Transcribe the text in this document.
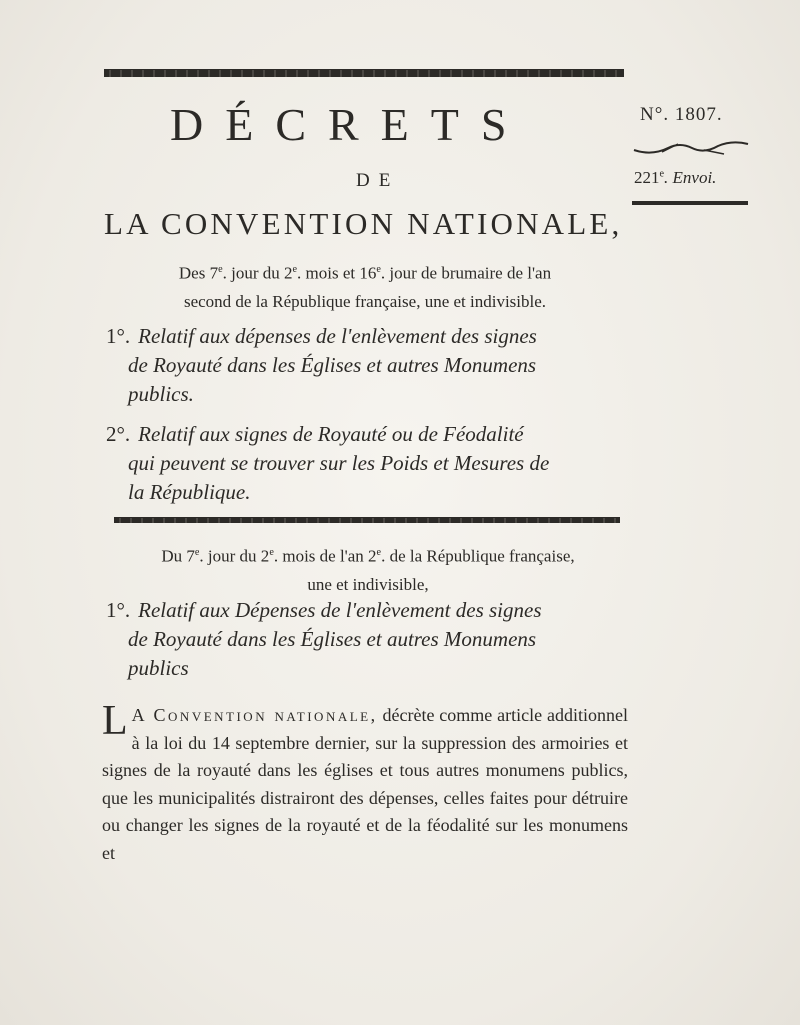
DÉCRETS
DE
LA CONVENTION NATIONALE,
N°. 1807.
221e. Envoi.
Des 7e. jour du 2e. mois et 16e. jour de brumaire de l'an
second de la République française, une et indivisible.
1°. Relatif aux dépenses de l'enlèvement des signes
de Royauté dans les Églises et autres Monumens
publics.
2°. Relatif aux signes de Royauté ou de Féodalité
qui peuvent se trouver sur les Poids et Mesures de
la République.
Du 7e. jour du 2e. mois de l'an 2e. de la République française,
une et indivisible,
1°. Relatif aux Dépenses de l'enlèvement des signes
de Royauté dans les Églises et autres Monumens
publics
L A Convention nationale, décrète comme article additionnel à la loi du 14 septembre dernier, sur la suppression des armoiries et signes de la royauté dans les églises et tous autres monumens publics, que les municipalités distrairont des dépenses, celles faites pour détruire ou changer les signes de la royauté et de la féodalité sur les monumens et
